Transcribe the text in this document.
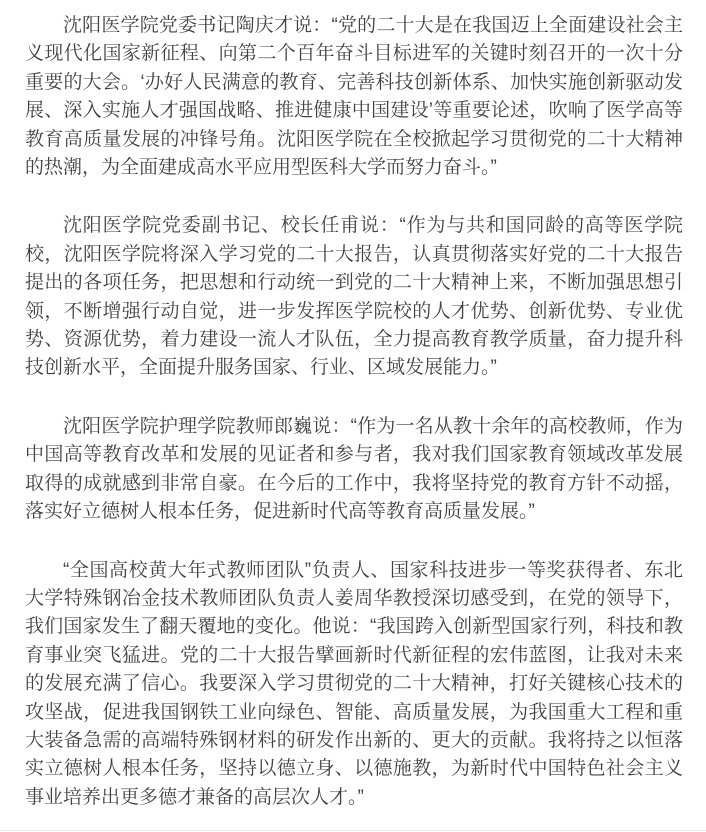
沈阳医学院党委书记陶庆才说：“党的二十大是在我国迈上全面建设社会主义现代化国家新征程、向第二个百年奋斗目标进军的关键时刻召开的一次十分重要的大会。‘办好人民满意的教育、完善科技创新体系、加快实施创新驱动发展、深入实施人才强国战略、推进健康中国建设’等重要论述，吹响了医学高等教育高质量发展的冲锋号角。沈阳医学院在全校掀起学习贯彻党的二十大精神的热潮，为全面建成高水平应用型医科大学而努力奋斗。”

沈阳医学院党委副书记、校长任甫说：“作为与共和国同龄的高等医学院校，沈阳医学院将深入学习党的二十大报告，认真贯彻落实好党的二十大报告提出的各项任务，把思想和行动统一到党的二十大精神上来，不断加强思想引领，不断增强行动自觉，进一步发挥医学院校的人才优势、创新优势、专业优势、资源优势，着力建设一流人才队伍，全力提高教育教学质量，奋力提升科技创新水平，全面提升服务国家、行业、区域发展能力。”

沈阳医学院护理学院教师郎巍说：“作为一名从教十余年的高校教师，作为中国高等教育改革和发展的见证者和参与者，我对我们国家教育领域改革发展取得的成就感到非常自豪。在今后的工作中，我将坚持党的教育方针不动摇，落实好立德树人根本任务，促进新时代高等教育高质量发展。”

“全国高校黄大年式教师团队”负责人、国家科技进步一等奖获得者、东北大学特殊钢冶金技术教师团队负责人姜周华教授深切感受到，在党的领导下，我们国家发生了翻天覆地的变化。他说：“我国跨入创新型国家行列，科技和教育事业突飞猛进。党的二十大报告擘画新时代新征程的宏伟蓝图，让我对未来的发展充满了信心。我要深入学习贯彻党的二十大精神，打好关键核心技术的攻坚战，促进我国钢铁工业向绿色、智能、高质量发展，为我国重大工程和重大装备急需的高端特殊钢材料的研发作出新的、更大的贡献。我将持之以恒落实立德树人根本任务，坚持以德立身、以德施教，为新时代中国特色社会主义事业培养出更多德才兼备的高层次人才。”
